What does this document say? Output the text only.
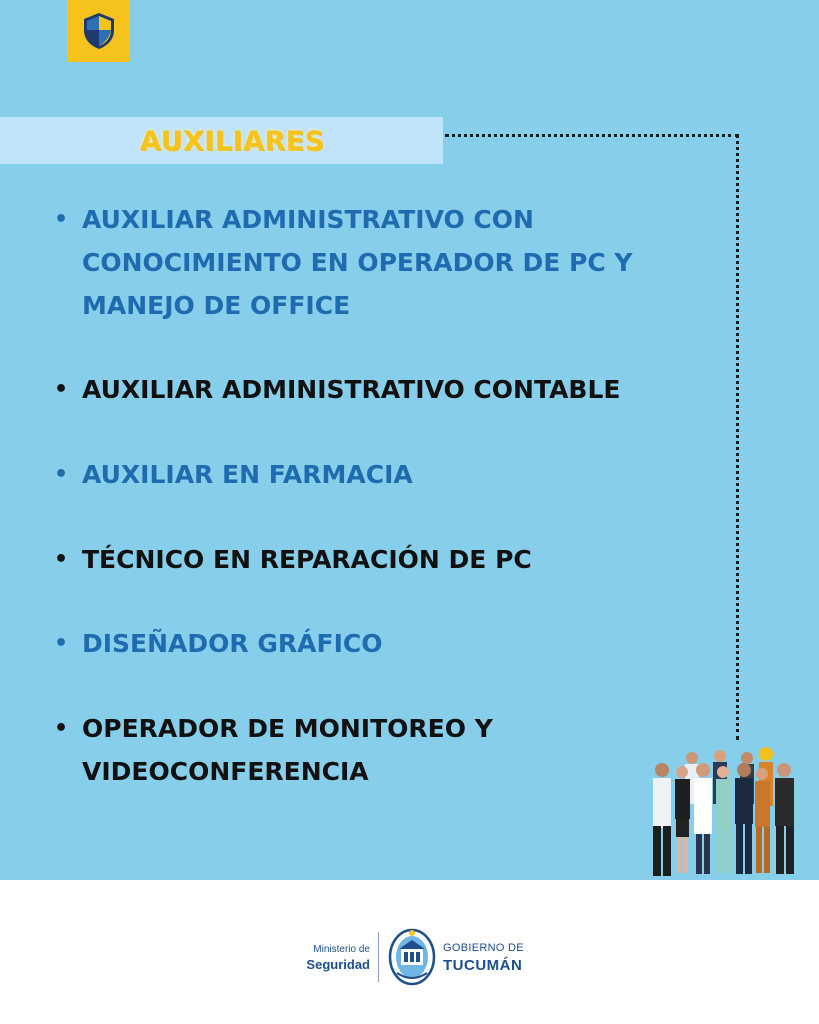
AUXILIARES
• AUXILIAR ADMINISTRATIVO CON
CONOCIMIENTO EN OPERADOR DE PC Y
MANEJO DE OFFICE
• AUXILIAR ADMINISTRATIVO CONTABLE
• AUXILIAR EN FARMACIA
• TÉCNICO EN REPARACIÓN DE PC
• DISEÑADOR GRÁFICO
• OPERADOR DE MONITOREO Y
VIDEOCONFERENCIA
Ministerio de
Seguridad
GOBIERNO DE
TUCUMÁN
